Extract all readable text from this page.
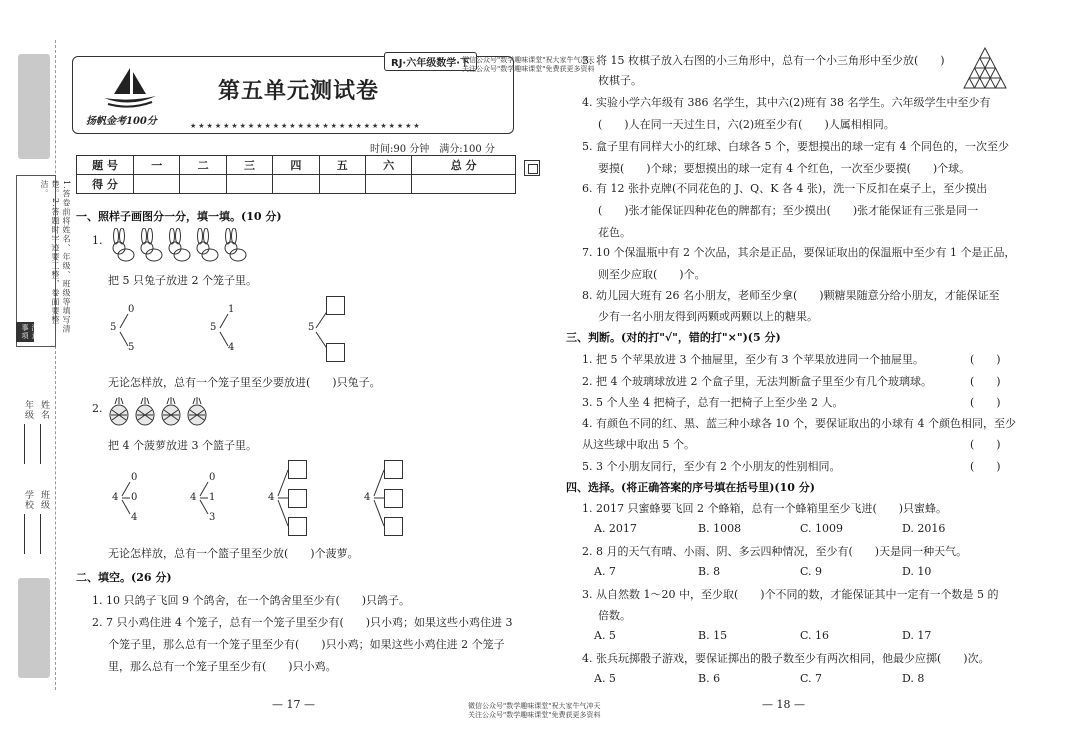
1.答卷前将姓名、年级、班级等填写清楚。2.答题时字迹要工整，卷面要整洁。
注意事项
年级 姓名
学校 班级
扬帆金考100分
第五单元测试卷
RJ·六年级数学·下
微信公众号"数学趣味课堂"祝大家牛气冲天
关注公众号"数学趣味课堂"免费获更多资料
★★★★★★★★★★★★★★★★★★★★★★★★★★★★
时间:90 分钟　满分:100 分
题 号	一	二	三	四	五	六	总 分
得 分							
一、照样子画图分一分，填一填。(10 分)
1.
把 5 只兔子放进 2 个笼子里。
5
0
5
5
1
4
5
无论怎样放，总有一个笼子里至少要放进(　　)只兔子。
2.
把 4 个菠萝放进 3 个篮子里。
4
0
0
4
4
0
1
3
4	4
无论怎样放，总有一个篮子里至少放(　　)个菠萝。
二、填空。(26 分)
1. 10 只鸽子飞回 9 个鸽舍，在一个鸽舍里至少有(　　)只鸽子。
2. 7 只小鸡住进 4 个笼子，总有一个笼子里至少有(　　)只小鸡；如果这些小鸡住进 3
个笼子里，那么总有一个笼子里至少有(　　)只小鸡；如果这些小鸡住进 2 个笼子
里，那么总有一个笼子里至少有(　　)只小鸡。
3. 将 15 枚棋子放入右图的小三角形中，总有一个小三角形中至少放(　　)
枚棋子。
4. 实验小学六年级有 386 名学生，其中六(2)班有 38 名学生。六年级学生中至少有
(　　)人在同一天过生日，六(2)班至少有(　　)人属相相同。
5. 盒子里有同样大小的红球、白球各 5 个，要想摸出的球一定有 4 个同色的，一次至少
要摸(　　)个球；要想摸出的球一定有 4 个红色，一次至少要摸(　　)个球。
6. 有 12 张扑克牌(不同花色的 J、Q、K 各 4 张)，洗一下反扣在桌子上，至少摸出
(　　)张才能保证四种花色的牌都有；至少摸出(　　)张才能保证有三张是同一
花色。
7. 10 个保温瓶中有 2 个次品，其余是正品，要保证取出的保温瓶中至少有 1 个是正品，
则至少应取(　　)个。
8. 幼儿园大班有 26 名小朋友，老师至少拿(　　)颗糖果随意分给小朋友，才能保证至
少有一名小朋友得到两颗或两颗以上的糖果。
三、判断。(对的打"√"，错的打"×")(5 分)
1. 把 5 个苹果放进 3 个抽屉里，至少有 3 个苹果放进同一个抽屉里。	(　　)
2. 把 4 个玻璃球放进 2 个盒子里，无法判断盒子里至少有几个玻璃球。	(　　)
3. 5 个人坐 4 把椅子，总有一把椅子上至少坐 2 人。	(　　)
4. 有颜色不同的红、黑、蓝三种小球各 10 个，要保证取出的小球有 4 个颜色相同，至少
从这些球中取出 5 个。	(　　)
5. 3 个小朋友同行，至少有 2 个小朋友的性别相同。	(　　)
四、选择。(将正确答案的序号填在括号里)(10 分)
1. 2017 只蜜蜂要飞回 2 个蜂箱，总有一个蜂箱里至少飞进(　　)只蜜蜂。
A. 2017	B. 1008	C. 1009	D. 2016
2. 8 月的天气有晴、小雨、阴、多云四种情况，至少有(　　)天是同一种天气。
A. 7	B. 8	C. 9	D. 10
3. 从自然数 1～20 中，至少取(　　)个不同的数，才能保证其中一定有一个数是 5 的
倍数。
A. 5	B. 15	C. 16	D. 17
4. 张兵玩掷骰子游戏，要保证掷出的骰子数至少有两次相同，他最少应掷(　　)次。
A. 5	B. 6	C. 7	D. 8
— 17 —	微信公众号"数学趣味课堂"祝大家牛气冲天
关注公众号"数学趣味课堂"免费获更多资料
— 18 —
